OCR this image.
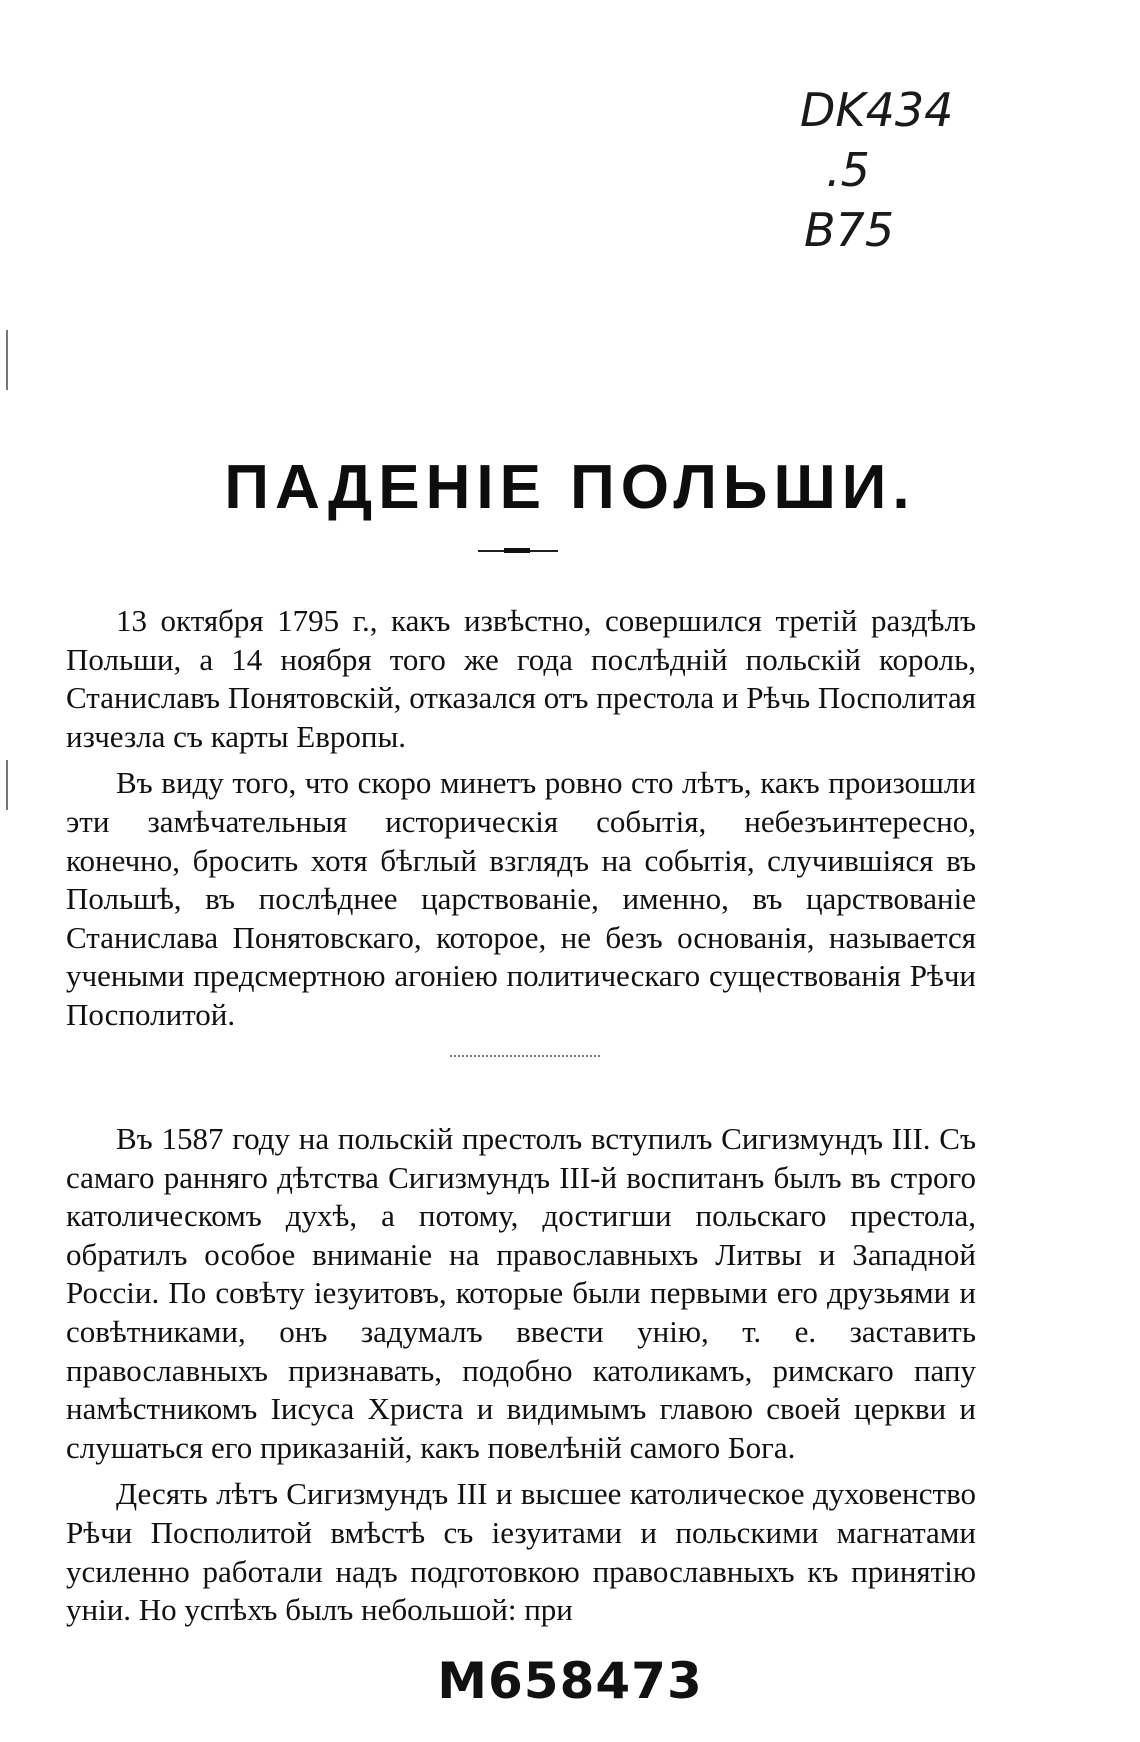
DK434
.5
B75
ПАДЕНІЕ ПОЛЬШИ.

13 октября 1795 г., какъ извѣстно, совершился третій раздѣлъ Польши, а 14 ноября того же года послѣдній польскій король, Станиславъ Понятовскій, отказался отъ престола и Рѣчь Посполитая изчезла съ карты Европы.

Въ виду того, что скоро минетъ ровно сто лѣтъ, какъ произошли эти замѣчательныя историческія событія, небезъинтересно, конечно, бросить хотя бѣглый взглядъ на событія, случившіяся въ Польшѣ, въ послѣднее царствованіе, именно, въ царствованіе Станислава Понятовскаго, которое, не безъ основанія, называется учеными предсмертною агоніею политическаго существованія Рѣчи Посполитой.

Въ 1587 году на польскій престолъ вступилъ Сигизмундъ III. Съ самаго ранняго дѣтства Сигизмундъ III-й воспитанъ былъ въ строго католическомъ духѣ, а потому, достигши польскаго престола, обратилъ особое вниманіе на православныхъ Литвы и Западной Россіи. По совѣту іезуитовъ, которые были первыми его друзьями и совѣтниками, онъ задумалъ ввести унію, т. е. заставить православныхъ признавать, подобно католикамъ, римскаго папу намѣстникомъ Іисуса Христа и видимымъ главою своей церкви и слушаться его приказаній, какъ повелѣній самого Бога.

Десять лѣтъ Сигизмундъ III и высшее католическое духовенство Рѣчи Посполитой вмѣстѣ съ іезуитами и польскими магнатами усиленно работали надъ подготовкою православныхъ къ принятію уніи. Но успѣхъ былъ небольшой: при

M658473
